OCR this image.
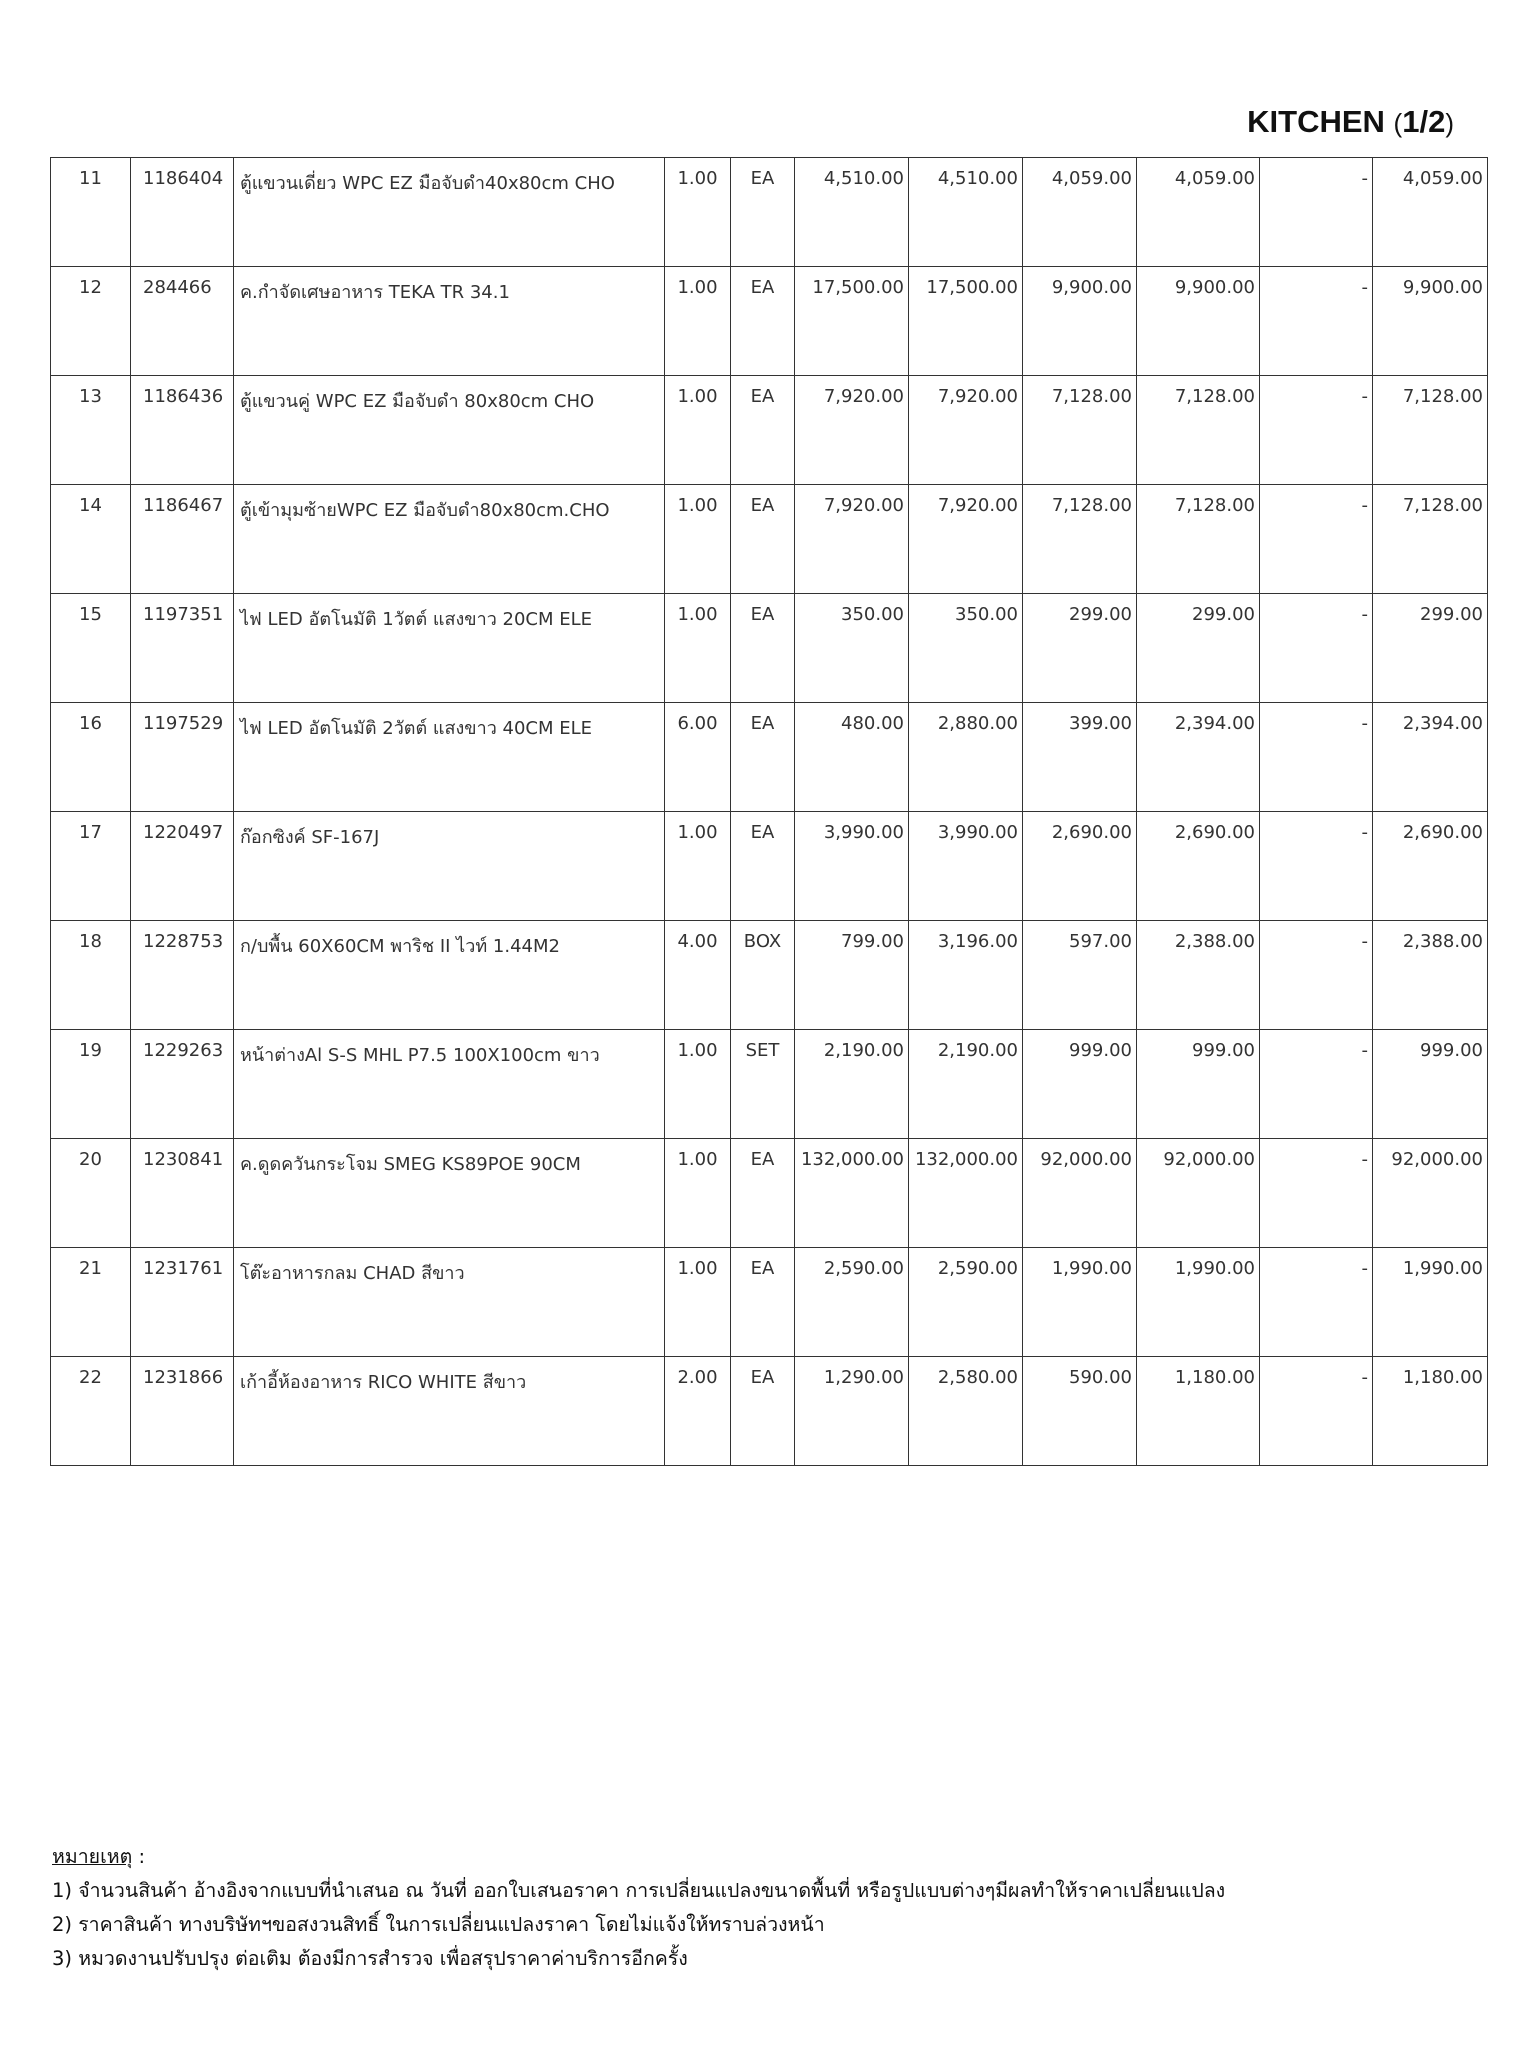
KITCHEN (1/2)
11	1186404	ตู้แขวนเดี่ยว WPC EZ มือจับดำ40x80cm CHO	1.00	EA	4,510.00	4,510.00	4,059.00	4,059.00	-	4,059.00
12	284466	ค.กำจัดเศษอาหาร TEKA TR 34.1	1.00	EA	17,500.00	17,500.00	9,900.00	9,900.00	-	9,900.00
13	1186436	ตู้แขวนคู่ WPC EZ มือจับดำ 80x80cm CHO	1.00	EA	7,920.00	7,920.00	7,128.00	7,128.00	-	7,128.00
14	1186467	ตู้เข้ามุมซ้ายWPC EZ มือจับดำ80x80cm.CHO	1.00	EA	7,920.00	7,920.00	7,128.00	7,128.00	-	7,128.00
15	1197351	ไฟ LED อัตโนมัติ 1วัตต์ แสงขาว 20CM ELE	1.00	EA	350.00	350.00	299.00	299.00	-	299.00
16	1197529	ไฟ LED อัตโนมัติ 2วัตต์ แสงขาว 40CM ELE	6.00	EA	480.00	2,880.00	399.00	2,394.00	-	2,394.00
17	1220497	ก๊อกซิงค์ SF-167J	1.00	EA	3,990.00	3,990.00	2,690.00	2,690.00	-	2,690.00
18	1228753	ก/บพื้น 60X60CM พาริช II ไวท์ 1.44M2	4.00	BOX	799.00	3,196.00	597.00	2,388.00	-	2,388.00
19	1229263	หน้าต่างAl S-S MHL P7.5 100X100cm ขาว	1.00	SET	2,190.00	2,190.00	999.00	999.00	-	999.00
20	1230841	ค.ดูดควันกระโจม SMEG KS89POE 90CM	1.00	EA	132,000.00	132,000.00	92,000.00	92,000.00	-	92,000.00
21	1231761	โต๊ะอาหารกลม CHAD สีขาว	1.00	EA	2,590.00	2,590.00	1,990.00	1,990.00	-	1,990.00
22	1231866	เก้าอี้ห้องอาหาร RICO WHITE สีขาว	2.00	EA	1,290.00	2,580.00	590.00	1,180.00	-	1,180.00
หมายเหตุ :
1) จำนวนสินค้า อ้างอิงจากแบบที่นำเสนอ ณ วันที่ ออกใบเสนอราคา การเปลี่ยนแปลงขนาดพื้นที่ หรือรูปแบบต่างๆมีผลทำให้ราคาเปลี่ยนแปลง
2) ราคาสินค้า ทางบริษัทฯขอสงวนสิทธิ์ ในการเปลี่ยนแปลงราคา โดยไม่แจ้งให้ทราบล่วงหน้า
3) หมวดงานปรับปรุง ต่อเติม ต้องมีการสำรวจ เพื่อสรุปราคาค่าบริการอีกครั้ง
